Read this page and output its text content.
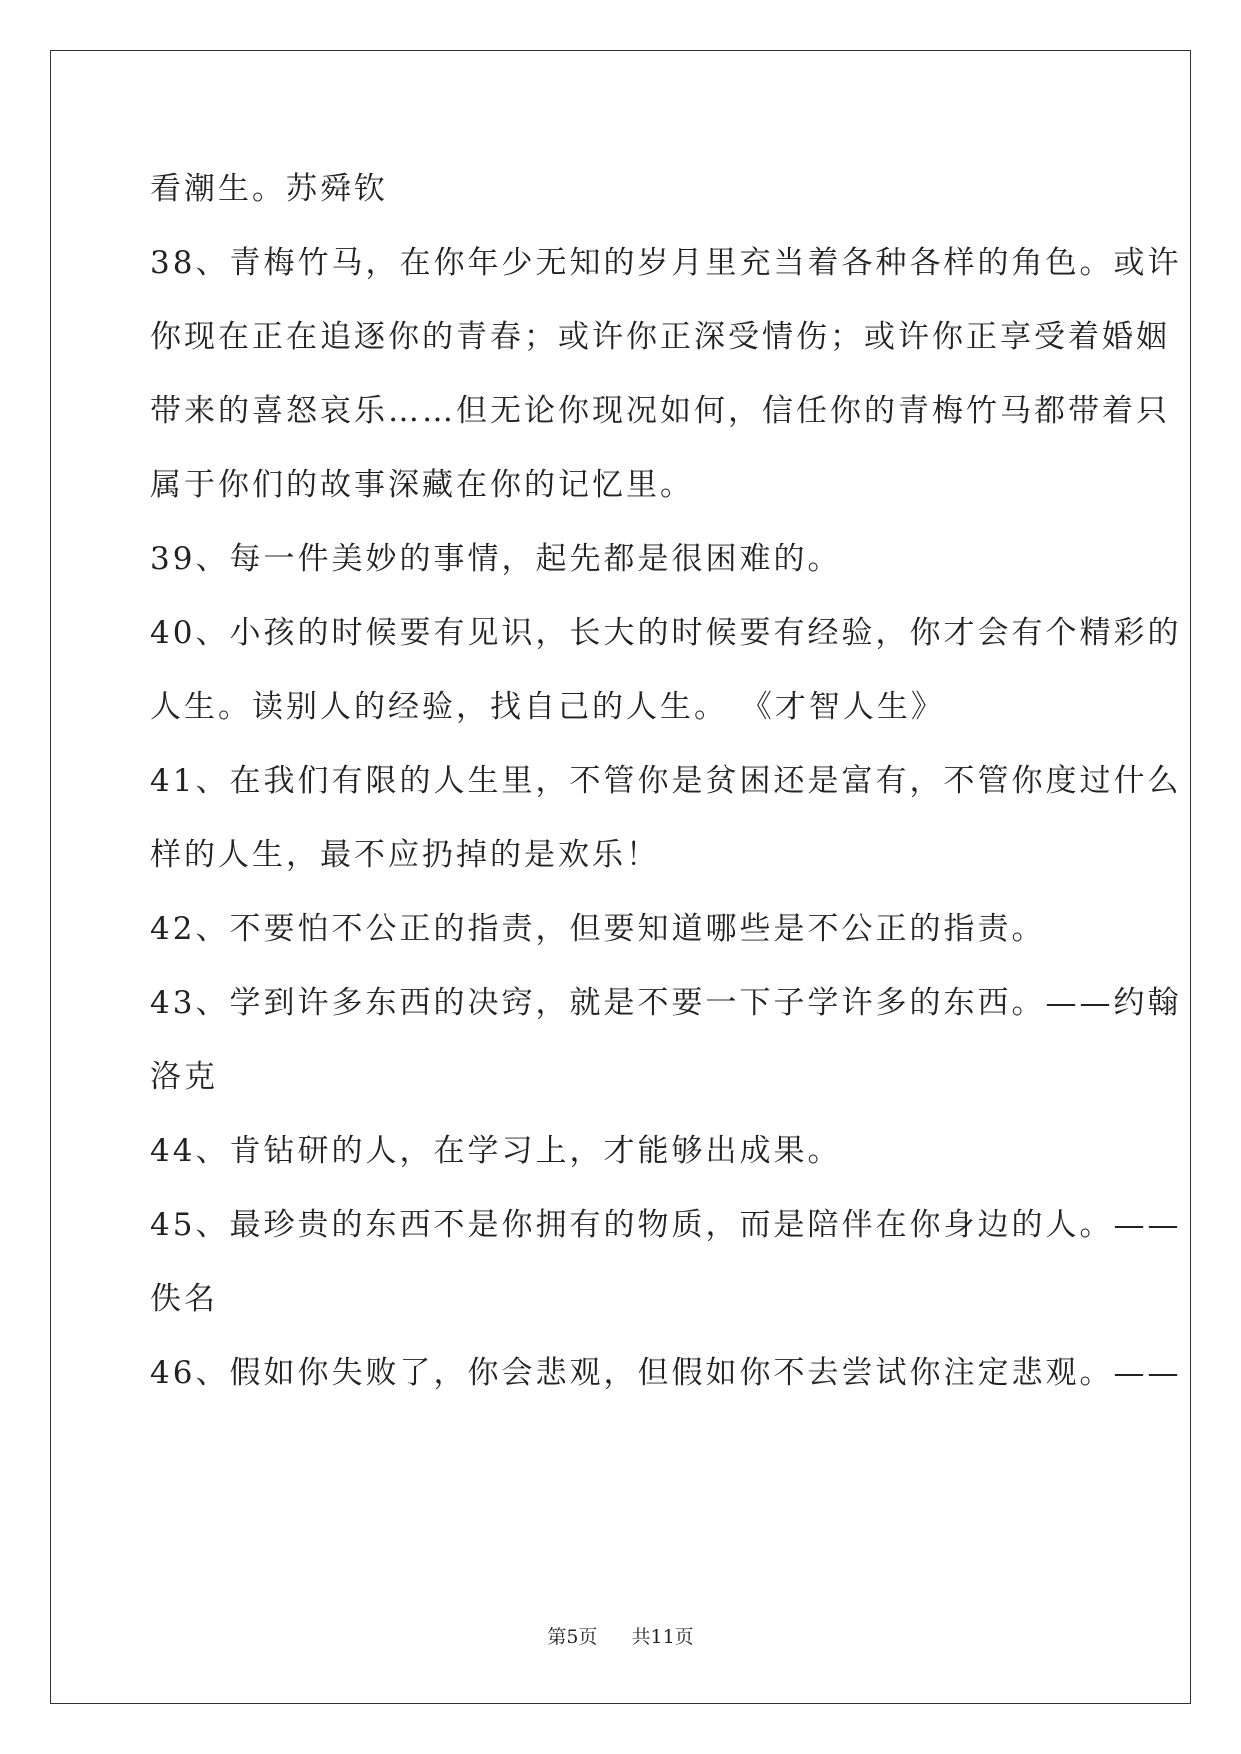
看潮生。苏舜钦
38、青梅竹马，在你年少无知的岁月里充当着各种各样的角色。或许
你现在正在追逐你的青春；或许你正深受情伤；或许你正享受着婚姻
带来的喜怒哀乐……但无论你现况如何，信任你的青梅竹马都带着只
属于你们的故事深藏在你的记忆里。
39、每一件美妙的事情，起先都是很困难的。
40、小孩的时候要有见识，长大的时候要有经验，你才会有个精彩的
人生。读别人的经验，找自己的人生。 《才智人生》
41、在我们有限的人生里，不管你是贫困还是富有，不管你度过什么
样的人生，最不应扔掉的是欢乐！
42、不要怕不公正的指责，但要知道哪些是不公正的指责。
43、学到许多东西的决窍，就是不要一下子学许多的东西。——约翰
洛克
44、肯钻研的人，在学习上，才能够出成果。
45、最珍贵的东西不是你拥有的物质，而是陪伴在你身边的人。——
佚名
46、假如你失败了，你会悲观，但假如你不去尝试你注定悲观。——
第5页 共11页
